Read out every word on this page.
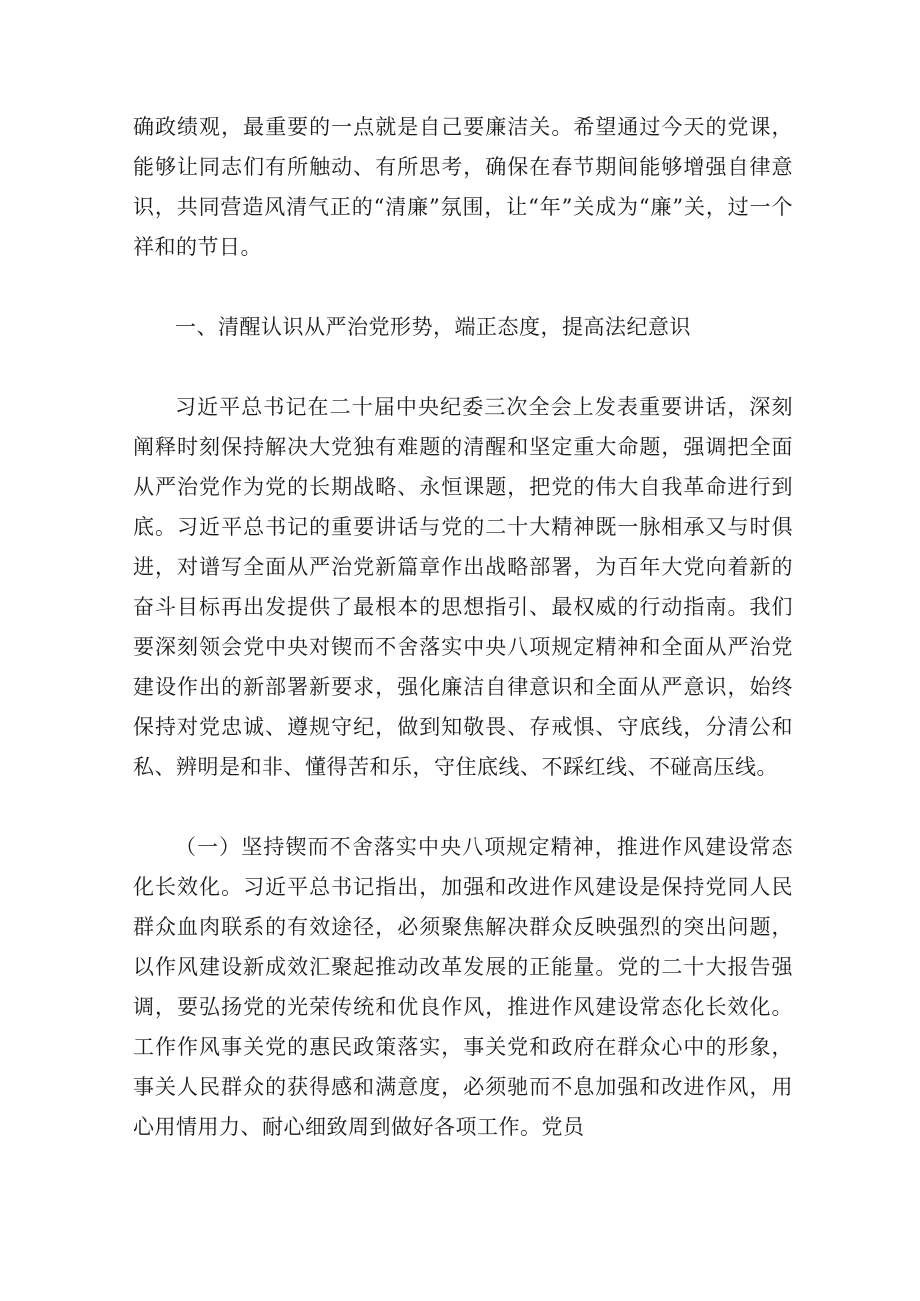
确政绩观，最重要的一点就是自己要廉洁关。希望通过今天的党课，能够让同志们有所触动、有所思考，确保在春节期间能够增强自律意识，共同营造风清气正的“清廉”氛围，让“年”关成为“廉”关，过一个祥和的节日。

一、清醒认识从严治党形势，端正态度，提高法纪意识

习近平总书记在二十届中央纪委三次全会上发表重要讲话，深刻阐释时刻保持解决大党独有难题的清醒和坚定重大命题，强调把全面从严治党作为党的长期战略、永恒课题，把党的伟大自我革命进行到底。习近平总书记的重要讲话与党的二十大精神既一脉相承又与时俱进，对谱写全面从严治党新篇章作出战略部署，为百年大党向着新的奋斗目标再出发提供了最根本的思想指引、最权威的行动指南。我们要深刻领会党中央对锲而不舍落实中央八项规定精神和全面从严治党建设作出的新部署新要求，强化廉洁自律意识和全面从严意识，始终保持对党忠诚、遵规守纪，做到知敬畏、存戒惧、守底线，分清公和私、辨明是和非、懂得苦和乐，守住底线、不踩红线、不碰高压线。

（一）坚持锲而不舍落实中央八项规定精神，推进作风建设常态化长效化。习近平总书记指出，加强和改进作风建设是保持党同人民群众血肉联系的有效途径，必须聚焦解决群众反映强烈的突出问题，以作风建设新成效汇聚起推动改革发展的正能量。党的二十大报告强调，要弘扬党的光荣传统和优良作风，推进作风建设常态化长效化。工作作风事关党的惠民政策落实，事关党和政府在群众心中的形象，事关人民群众的获得感和满意度，必须驰而不息加强和改进作风，用心用情用力、耐心细致周到做好各项工作。党员
